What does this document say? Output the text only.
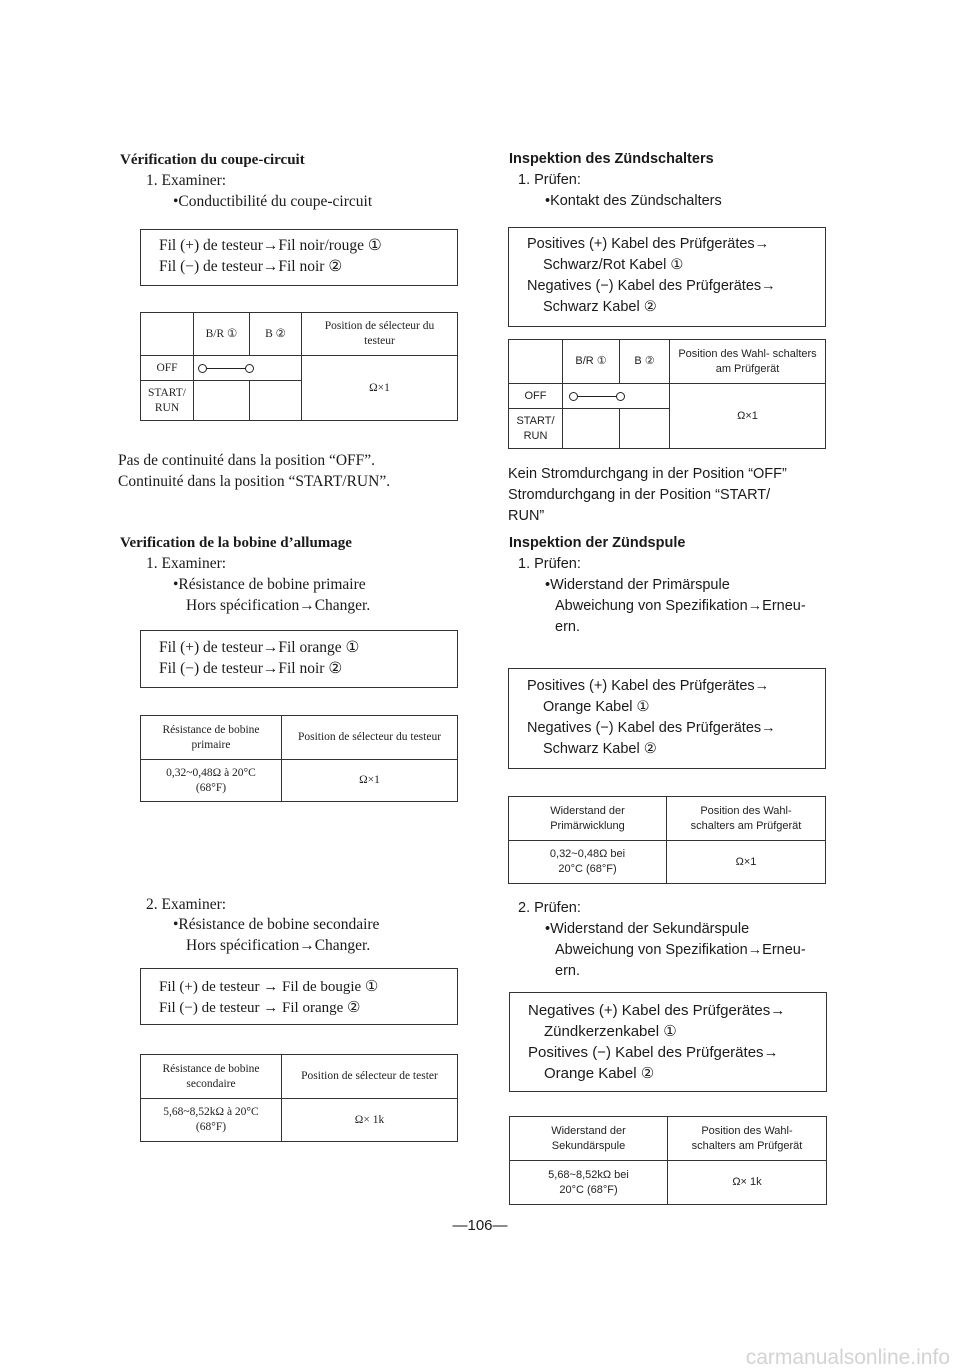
Vérification du coupe-circuit
1. Examiner:
•Conductibilité du coupe-circuit
Fil (+) de testeur→Fil noir/rouge ①
Fil (−) de testeur→Fil noir ②
	B/R ①	B ②	Position de sélecteur du testeur
OFF			Ω×1
START/ RUN			
Pas de continuité dans la position “OFF”.
Continuité dans la position “START/RUN”.
Verification de la bobine d’allumage
1. Examiner:
•Résistance de bobine primaire
Hors spécification→Changer.
Fil (+) de testeur→Fil orange ①
Fil (−) de testeur→Fil noir ②
Résistance de bobine primaire	Position de sélecteur du testeur
0,32~0,48Ω à 20°C (68°F)	Ω×1
2. Examiner:
•Résistance de bobine secondaire
Hors spécification→Changer.
Fil (+) de testeur → Fil de bougie ①
Fil (−) de testeur → Fil orange ②
Résistance de bobine secondaire	Position de sélecteur de tester
5,68~8,52kΩ à 20°C (68°F)	Ω× 1k
Inspektion des Zündschalters
1. Prüfen:
•Kontakt des Zündschalters
Positives (+) Kabel des Prüfgerätes→
Schwarz/Rot Kabel ①
Negatives (−) Kabel des Prüfgerätes→
Schwarz Kabel ②
	B/R ①	B ②	Position des Wahl- schalters am Prüfgerät
OFF			Ω×1
START/ RUN			
Kein Stromdurchgang in der Position “OFF”
Stromdurchgang in der Position “START/
RUN”
Inspektion der Zündspule
1. Prüfen:
•Widerstand der Primärspule
Abweichung von Spezifikation→Erneu-
ern.
Positives (+) Kabel des Prüfgerätes→
Orange Kabel ①
Negatives (−) Kabel des Prüfgerätes→
Schwarz Kabel ②
Widerstand der Primärwicklung	Position des Wahl- schalters am Prüfgerät
0,32~0,48Ω bei 20°C (68°F)	Ω×1
2. Prüfen:
•Widerstand der Sekundärspule
Abweichung von Spezifikation→Erneu-
ern.
Negatives (+) Kabel des Prüfgerätes→
Zündkerzenkabel ①
Positives (−) Kabel des Prüfgerätes→
Orange Kabel ②
Widerstand der Sekundärspule	Position des Wahl- schalters am Prüfgerät
5,68~8,52kΩ bei 20°C (68°F)	Ω× 1k
—106—
carmanualsonline.info
